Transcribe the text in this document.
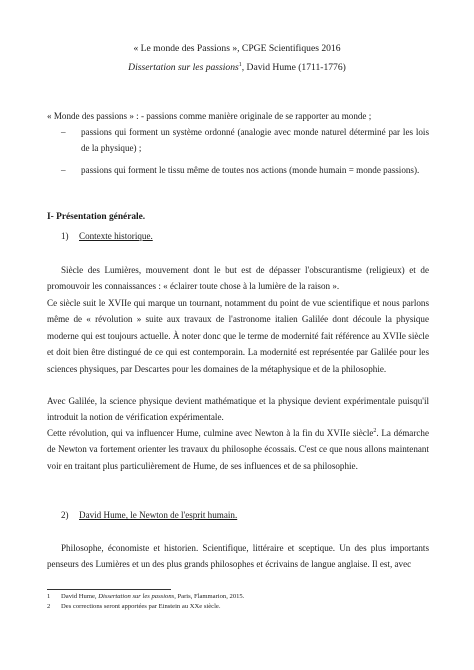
« Le monde des Passions », CPGE Scientifiques 2016
Dissertation sur les passions$^1$, David Hume (1711-1776)
« Monde des passions » : - passions comme manière originale de se rapporter au monde ;
– passions qui forment un système ordonné (analogie avec monde naturel déterminé par les lois de la physique) ;
– passions qui forment le tissu même de toutes nos actions (monde humain = monde passions).
I- Présentation générale.
1) Contexte historique.
Siècle des Lumières, mouvement dont le but est de dépasser l'obscurantisme (religieux) et de promouvoir les connaissances : « éclairer toute chose à la lumière de la raison ».
Ce siècle suit le XVIIe qui marque un tournant, notamment du point de vue scientifique et nous parlons même de « révolution » suite aux travaux de l'astronome italien Galilée dont découle la physique moderne qui est toujours actuelle. À noter donc que le terme de modernité fait référence au XVIIe siècle et doit bien être distingué de ce qui est contemporain. La modernité est représentée par Galilée pour les sciences physiques, par Descartes pour les domaines de la métaphysique et de la philosophie.
Avec Galilée, la science physique devient mathématique et la physique devient expérimentale puisqu'il introduit la notion de vérification expérimentale.
Cette révolution, qui va influencer Hume, culmine avec Newton à la fin du XVIIe siècle$^2$. La démarche de Newton va fortement orienter les travaux du philosophe écossais. C'est ce que nous allons maintenant voir en traitant plus particulièrement de Hume, de ses influences et de sa philosophie.
2) David Hume, le Newton de l'esprit humain.
Philosophe, économiste et historien. Scientifique, littéraire et sceptique. Un des plus importants penseurs des Lumières et un des plus grands philosophes et écrivains de langue anglaise. Il est, avec
1 David Hume, Dissertation sur les passions, Paris, Flammarion, 2015.
2 Des corrections seront apportées par Einstein au XXe siècle.
